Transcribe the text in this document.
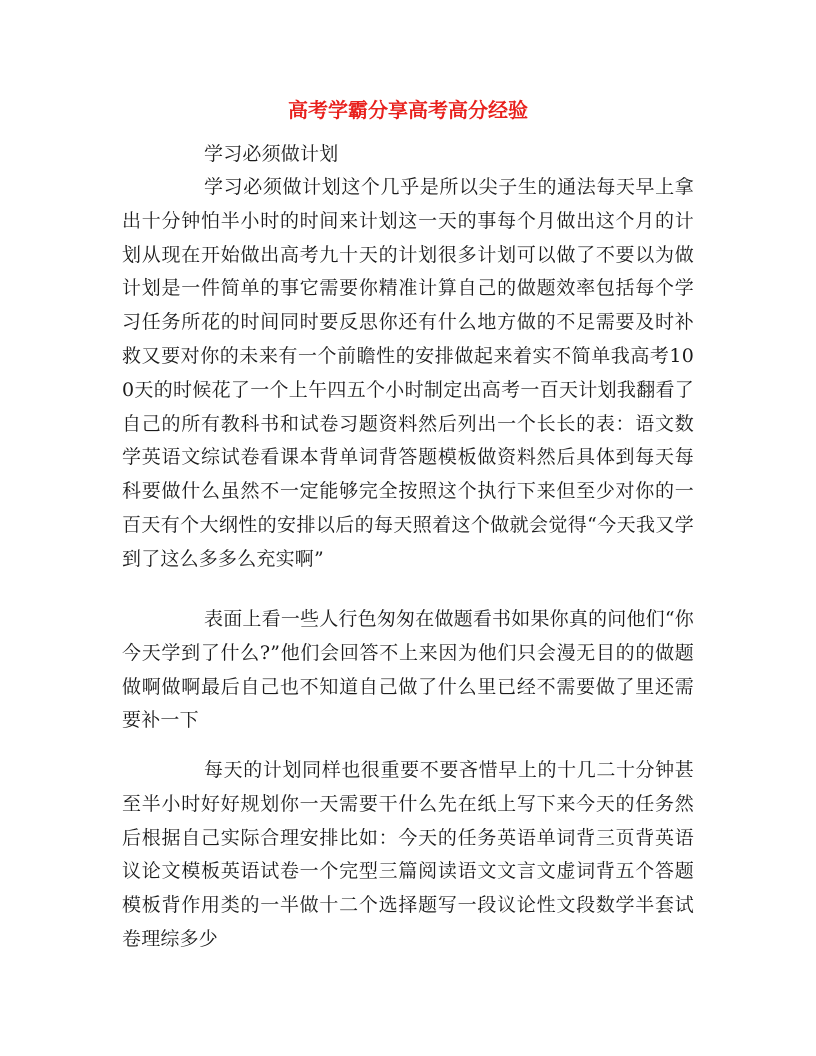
高考学霸分享高考高分经验

学习必须做计划

学习必须做计划这个几乎是所以尖子生的通法每天早上拿出十分钟怕半小时的时间来计划这一天的事每个月做出这个月的计划从现在开始做出高考九十天的计划很多计划可以做了不要以为做计划是一件简单的事它需要你精准计算自己的做题效率包括每个学习任务所花的时间同时要反思你还有什么地方做的不足需要及时补救又要对你的未来有一个前瞻性的安排做起来着实不简单我高考100天的时候花了一个上午四五个小时制定出高考一百天计划我翻看了自己的所有教科书和试卷习题资料然后列出一个长长的表：语文数学英语文综试卷看课本背单词背答题模板做资料然后具体到每天每科要做什么虽然不一定能够完全按照这个执行下来但至少对你的一百天有个大纲性的安排以后的每天照着这个做就会觉得“今天我又学到了这么多多么充实啊”

表面上看一些人行色匆匆在做题看书如果你真的问他们“你今天学到了什么?”他们会回答不上来因为他们只会漫无目的的做题做啊做啊最后自己也不知道自己做了什么里已经不需要做了里还需要补一下

每天的计划同样也很重要不要吝惜早上的十几二十分钟甚至半小时好好规划你一天需要干什么先在纸上写下来今天的任务然后根据自己实际合理安排比如：今天的任务英语单词背三页背英语议论文模板英语试卷一个完型三篇阅读语文文言文虚词背五个答题模板背作用类的一半做十二个选择题写一段议论性文段数学半套试卷理综多少
